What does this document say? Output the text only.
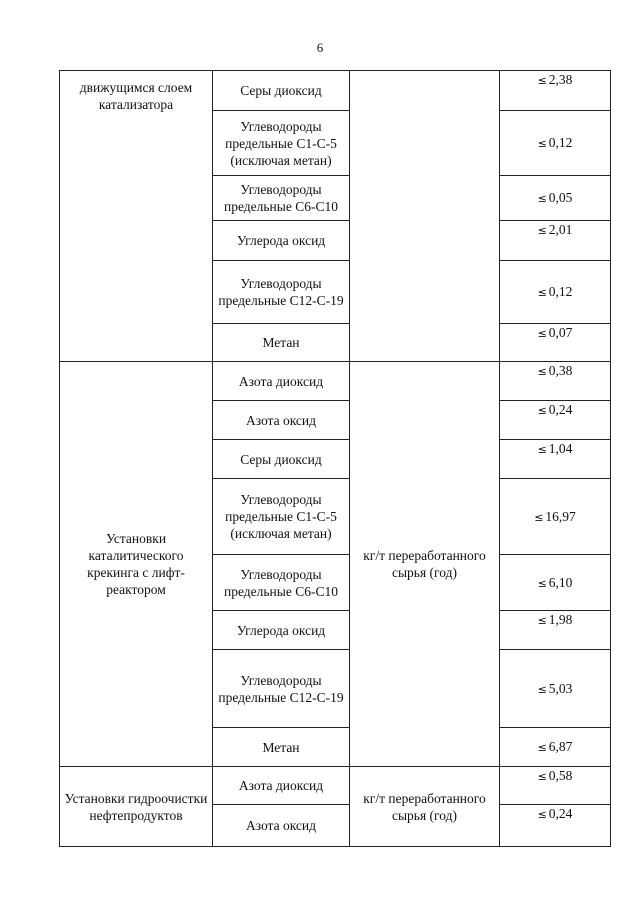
6
движущимся слоем катализатора	Серы диоксид		≤ 2,38
	Углеводороды предельные С1-С-5 (исключая метан)		≤ 0,12
	Углеводороды предельные С6-С10		≤ 0,05
	Углерода оксид		≤ 2,01
	Углеводороды предельные С12-С-19		≤ 0,12
	Метан		≤ 0,07
Установки каталитического крекинга с лифт-реактором	Азота диоксид	кг/т переработанного сырья (год)	≤ 0,38
	Азота оксид		≤ 0,24
	Серы диоксид		≤ 1,04
	Углеводороды предельные С1-С-5 (исключая метан)		≤ 16,97
	Углеводороды предельные С6-С10		≤ 6,10
	Углерода оксид		≤ 1,98
	Углеводороды предельные С12-С-19		≤ 5,03
	Метан		≤ 6,87
Установки гидроочистки нефтепродуктов	Азота диоксид	кг/т переработанного сырья (год)	≤ 0,58
	Азота оксид		≤ 0,24
